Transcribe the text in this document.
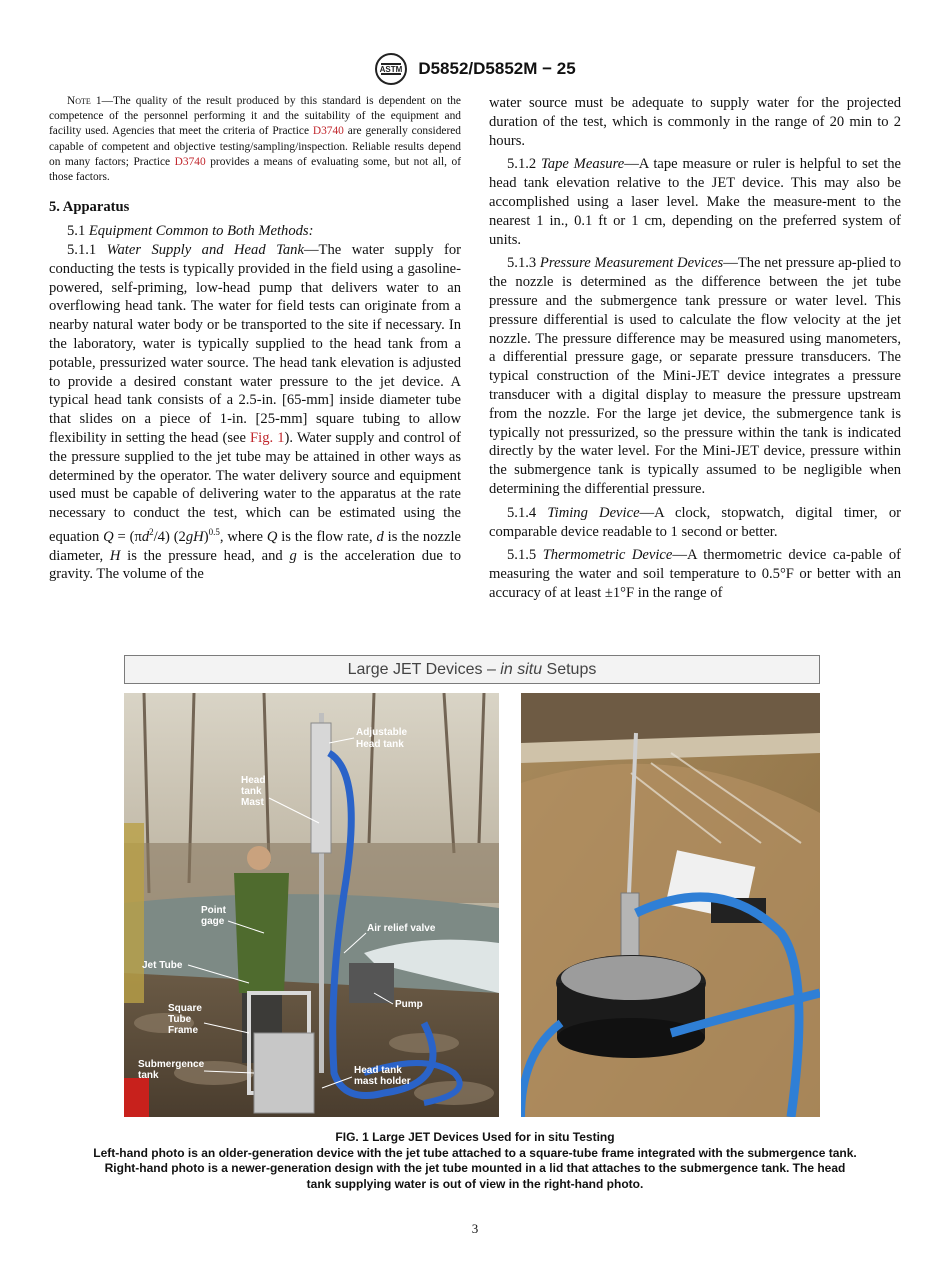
ASTM D5852/D5852M − 25

Note 1—The quality of the result produced by this standard is dependent on the competence of the personnel performing it and the suitability of the equipment and facility used. Agencies that meet the criteria of Practice D3740 are generally considered capable of competent and objective testing/sampling/inspection. Reliable results depend on many factors; Practice D3740 provides a means of evaluating some, but not all, of those factors.

5. Apparatus

5.1 Equipment Common to Both Methods:

5.1.1 Water Supply and Head Tank—The water supply for conducting the tests is typically provided in the field using a gasoline-powered, self-priming, low-head pump that delivers water to an overflowing head tank. The water for field tests can originate from a nearby natural water body or be transported to the site if necessary. In the laboratory, water is typically supplied to the head tank from a potable, pressurized water source. The head tank elevation is adjusted to provide a desired constant water pressure to the jet device. A typical head tank consists of a 2.5-in. [65-mm] inside diameter tube that slides on a piece of 1-in. [25-mm] square tubing to allow flexibility in setting the head (see Fig. 1). Water supply and control of the pressure supplied to the jet tube may be attained in other ways as determined by the operator. The water delivery source and equipment used must be capable of delivering water to the apparatus at the rate necessary to conduct the test, which can be estimated using the equation $Q = (\pi d^2/4)$ $(2gH)^{0.5}$, where Q is the flow rate, d is the nozzle diameter, H is the pressure head, and g is the acceleration due to gravity. The volume of the

water source must be adequate to supply water for the projected duration of the test, which is commonly in the range of 20 min to 2 hours.

5.1.2 Tape Measure—A tape measure or ruler is helpful to set the head tank elevation relative to the JET device. This may also be accomplished using a laser level. Make the measure-ment to the nearest 1 in., 0.1 ft or 1 cm, depending on the preferred system of units.

5.1.3 Pressure Measurement Devices—The net pressure ap-plied to the nozzle is determined as the difference between the jet tube pressure and the submergence tank pressure or water level. This pressure differential is used to calculate the flow velocity at the jet nozzle. The pressure difference may be measured using manometers, a differential pressure gage, or separate pressure transducers. The typical construction of the Mini-JET device integrates a pressure transducer with a digital display to measure the pressure upstream from the nozzle. For the large jet device, the submergence tank is typically not pressurized, so the pressure within the tank is indicated directly by the water level. For the Mini-JET device, pressure within the submergence tank is typically assumed to be negligible when determining the differential pressure.

5.1.4 Timing Device—A clock, stopwatch, digital timer, or comparable device readable to 1 second or better.

5.1.5 Thermometric Device—A thermometric device ca-pable of measuring the water and soil temperature to 0.5°F or better with an accuracy of at least ±1°F in the range of

Large JET Devices – in situ Setups
Adjustable
Head tank
Head
tank
Mast
Point
gage
Air relief valve
Jet Tube
Pump
Square
Tube
Frame
Submergence
tank	Head tank
mast holder
FIG. 1 Large JET Devices Used for in situ Testing
Left-hand photo is an older-generation device with the jet tube attached to a square-tube frame integrated with the submergence tank.
Right-hand photo is a newer-generation design with the jet tube mounted in a lid that attaches to the submergence tank. The head
tank supplying water is out of view in the right-hand photo.
3
